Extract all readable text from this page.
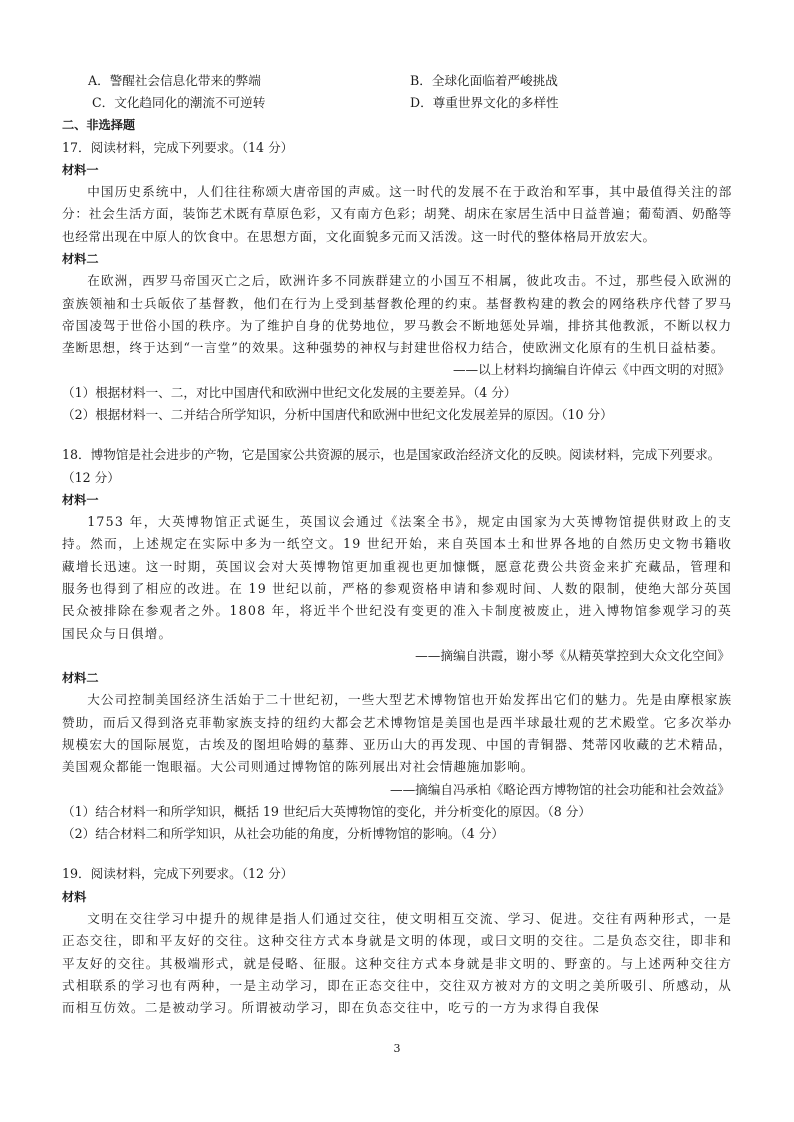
A．警醒社会信息化带来的弊端	B．全球化面临着严峻挑战
C．文化趋同化的潮流不可逆转	D．尊重世界文化的多样性
二、非选择题

17．阅读材料，完成下列要求。（14 分）

材料一

中国历史系统中，人们往往称颂大唐帝国的声威。这一时代的发展不在于政治和军事，其中最值得关注的部分：社会生活方面，装饰艺术既有草原色彩，又有南方色彩；胡凳、胡床在家居生活中日益普遍；葡萄酒、奶酪等也经常出现在中原人的饮食中。在思想方面，文化面貌多元而又活泼。这一时代的整体格局开放宏大。

材料二

在欧洲，西罗马帝国灭亡之后，欧洲许多不同族群建立的小国互不相属，彼此攻击。不过，那些侵入欧洲的蛮族领袖和士兵皈依了基督教，他们在行为上受到基督教伦理的约束。基督教构建的教会的网络秩序代替了罗马帝国凌驾于世俗小国的秩序。为了维护自身的优势地位，罗马教会不断地惩处异端，排挤其他教派，不断以权力垄断思想，终于达到“一言堂”的效果。这种强势的神权与封建世俗权力结合，使欧洲文化原有的生机日益枯萎。

——以上材料均摘编自许倬云《中西文明的对照》

（1）根据材料一、二，对比中国唐代和欧洲中世纪文化发展的主要差异。（4 分）

（2）根据材料一、二并结合所学知识，分析中国唐代和欧洲中世纪文化发展差异的原因。（10 分）

18．博物馆是社会进步的产物，它是国家公共资源的展示，也是国家政治经济文化的反映。阅读材料，完成下列要求。（12 分）

材料一

1753 年，大英博物馆正式诞生，英国议会通过《法案全书》，规定由国家为大英博物馆提供财政上的支持。然而，上述规定在实际中多为一纸空文。19 世纪开始，来自英国本土和世界各地的自然历史文物书籍收藏增长迅速。这一时期，英国议会对大英博物馆更加重视也更加慷慨，愿意花费公共资金来扩充藏品，管理和服务也得到了相应的改进。在 19 世纪以前，严格的参观资格申请和参观时间、人数的限制，使绝大部分英国民众被排除在参观者之外。1808 年，将近半个世纪没有变更的准入卡制度被废止，进入博物馆参观学习的英国民众与日俱增。

——摘编自洪霞，谢小琴《从精英掌控到大众文化空间》

材料二

大公司控制美国经济生活始于二十世纪初，一些大型艺术博物馆也开始发挥出它们的魅力。先是由摩根家族赞助，而后又得到洛克菲勒家族支持的纽约大都会艺术博物馆是美国也是西半球最壮观的艺术殿堂。它多次举办规模宏大的国际展览，古埃及的图坦哈姆的墓葬、亚历山大的再发现、中国的青铜器、梵蒂冈收藏的艺术精品，美国观众都能一饱眼福。大公司则通过博物馆的陈列展出对社会情趣施加影响。

——摘编自冯承柏《略论西方博物馆的社会功能和社会效益》

（1）结合材料一和所学知识，概括 19 世纪后大英博物馆的变化，并分析变化的原因。（8 分）

（2）结合材料二和所学知识，从社会功能的角度，分析博物馆的影响。（4 分）

19．阅读材料，完成下列要求。（12 分）

材料

文明在交往学习中提升的规律是指人们通过交往，使文明相互交流、学习、促进。交往有两种形式，一是正态交往，即和平友好的交往。这种交往方式本身就是文明的体现，或曰文明的交往。二是负态交往，即非和平友好的交往。其极端形式，就是侵略、征服。这种交往方式本身就是非文明的、野蛮的。与上述两种交往方式相联系的学习也有两种，一是主动学习，即在正态交往中，交往双方被对方的文明之美所吸引、所感动，从而相互仿效。二是被动学习。所谓被动学习，即在负态交往中，吃亏的一方为求得自我保

3
